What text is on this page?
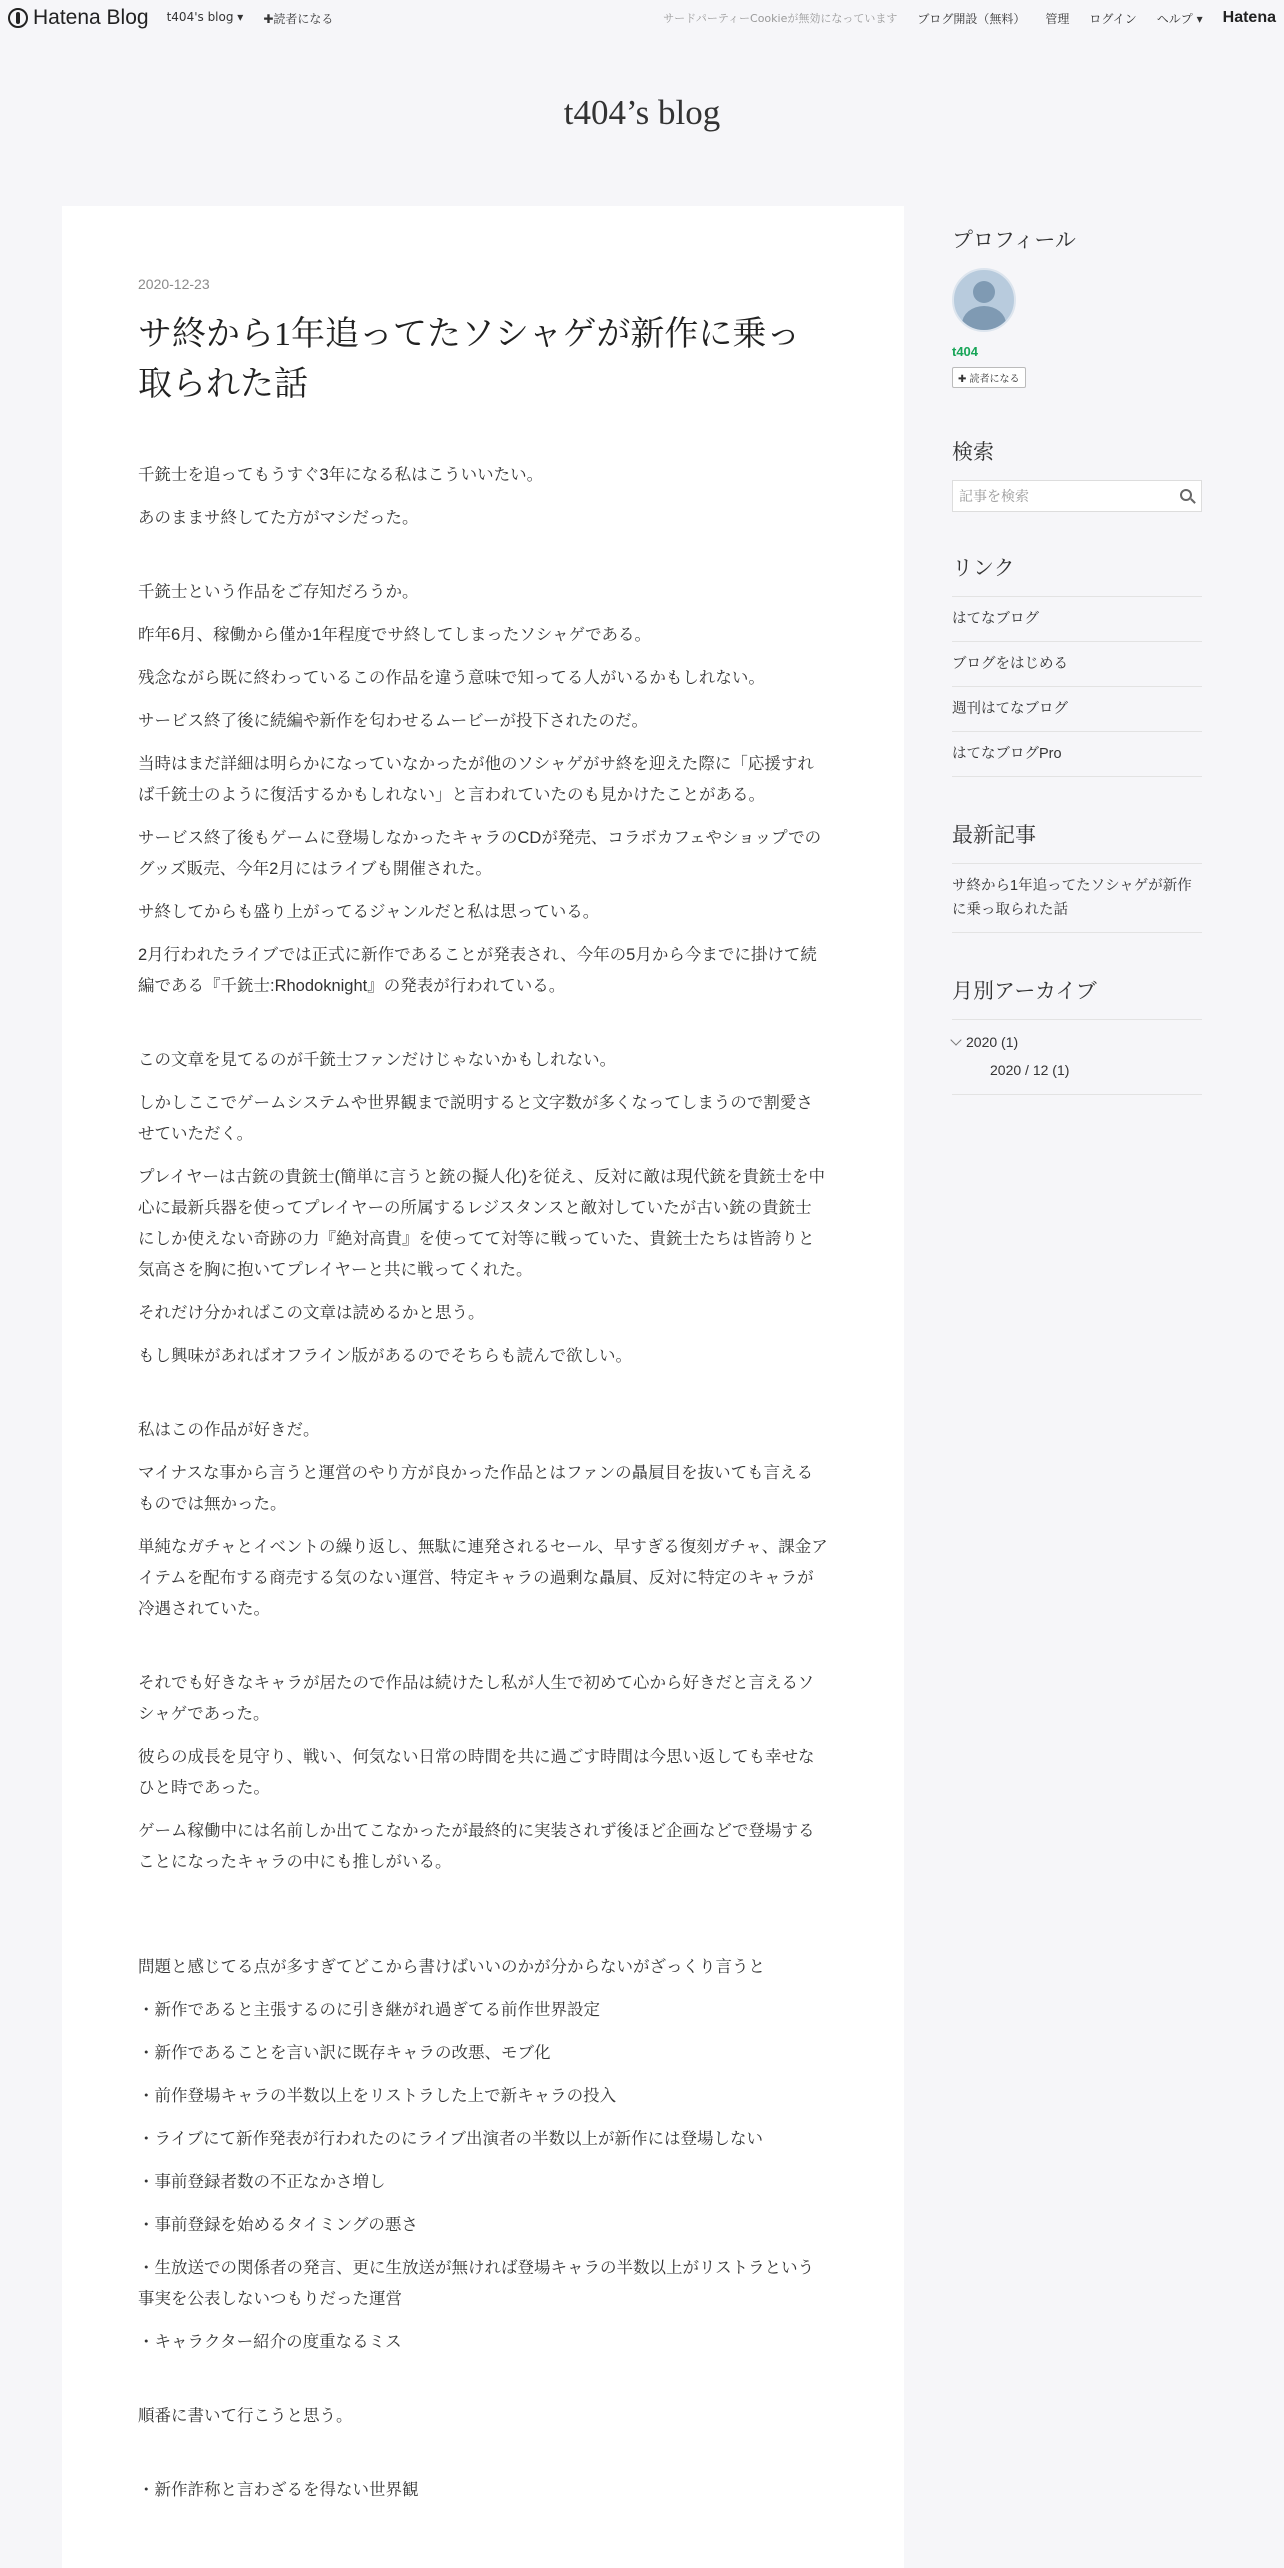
Hatena Blog t404's blog ▾ ✚読者になる	サードパーティーCookieが無効になっています ブログ開設（無料） 管理 ログイン ヘルプ ▾ Hatena
t404’s blog
2020-12-23
サ終から1年追ってたソシャゲが新作に乗っ取られた話

千銃士を追ってもうすぐ3年になる私はこういいたい。

あのままサ終してた方がマシだった。

千銃士という作品をご存知だろうか。

昨年6月、稼働から僅か1年程度でサ終してしまったソシャゲである。

残念ながら既に終わっているこの作品を違う意味で知ってる人がいるかもしれない。

サービス終了後に続編や新作を匂わせるムービーが投下されたのだ。

当時はまだ詳細は明らかになっていなかったが他のソシャゲがサ終を迎えた際に「応援すれば千銃士のように復活するかもしれない」と言われていたのも見かけたことがある。

サービス終了後もゲームに登場しなかったキャラのCDが発売、コラボカフェやショップでのグッズ販売、今年2月にはライブも開催された。

サ終してからも盛り上がってるジャンルだと私は思っている。

2月行われたライブでは正式に新作であることが発表され、今年の5月から今までに掛けて続編である『千銃士:Rhodoknight』の発表が行われている。

この文章を見てるのが千銃士ファンだけじゃないかもしれない。

しかしここでゲームシステムや世界観まで説明すると文字数が多くなってしまうので割愛させていただく。

プレイヤーは古銃の貴銃士(簡単に言うと銃の擬人化)を従え、反対に敵は現代銃を貴銃士を中心に最新兵器を使ってプレイヤーの所属するレジスタンスと敵対していたが古い銃の貴銃士にしか使えない奇跡の力『絶対高貴』を使ってて対等に戦っていた、貴銃士たちは皆誇りと気高さを胸に抱いてプレイヤーと共に戦ってくれた。

それだけ分かればこの文章は読めるかと思う。

もし興味があればオフライン版があるのでそちらも読んで欲しい。

私はこの作品が好きだ。

マイナスな事から言うと運営のやり方が良かった作品とはファンの贔屓目を抜いても言えるものでは無かった。

単純なガチャとイベントの繰り返し、無駄に連発されるセール、早すぎる復刻ガチャ、課金アイテムを配布する商売する気のない運営、特定キャラの過剰な贔屓、反対に特定のキャラが冷遇されていた。

それでも好きなキャラが居たので作品は続けたし私が人生で初めて心から好きだと言えるソシャゲであった。

彼らの成長を見守り、戦い、何気ない日常の時間を共に過ごす時間は今思い返しても幸せなひと時であった。

ゲーム稼働中には名前しか出てこなかったが最終的に実装されず後ほど企画などで登場することになったキャラの中にも推しがいる。

問題と感じてる点が多すぎてどこから書けばいいのかが分からないがざっくり言うと

・新作であると主張するのに引き継がれ過ぎてる前作世界設定

・新作であることを言い訳に既存キャラの改悪、モブ化

・前作登場キャラの半数以上をリストラした上で新キャラの投入

・ライブにて新作発表が行われたのにライブ出演者の半数以上が新作には登場しない

・事前登録者数の不正なかさ増し

・事前登録を始めるタイミングの悪さ

・生放送での関係者の発言、更に生放送が無ければ登場キャラの半数以上がリストラという事実を公表しないつもりだった運営

・キャラクター紹介の度重なるミス

順番に書いて行こうと思う。

・新作詐称と言わざるを得ない世界観

プロフィール
t404
✚ 読者になる
検索
記事を検索
リンク
はてなブログ
ブログをはじめる
週刊はてなブログ
はてなブログPro
最新記事
サ終から1年追ってたソシャゲが新作に乗っ取られた話
月別アーカイブ
2020 (1)
2020 / 12 (1)
